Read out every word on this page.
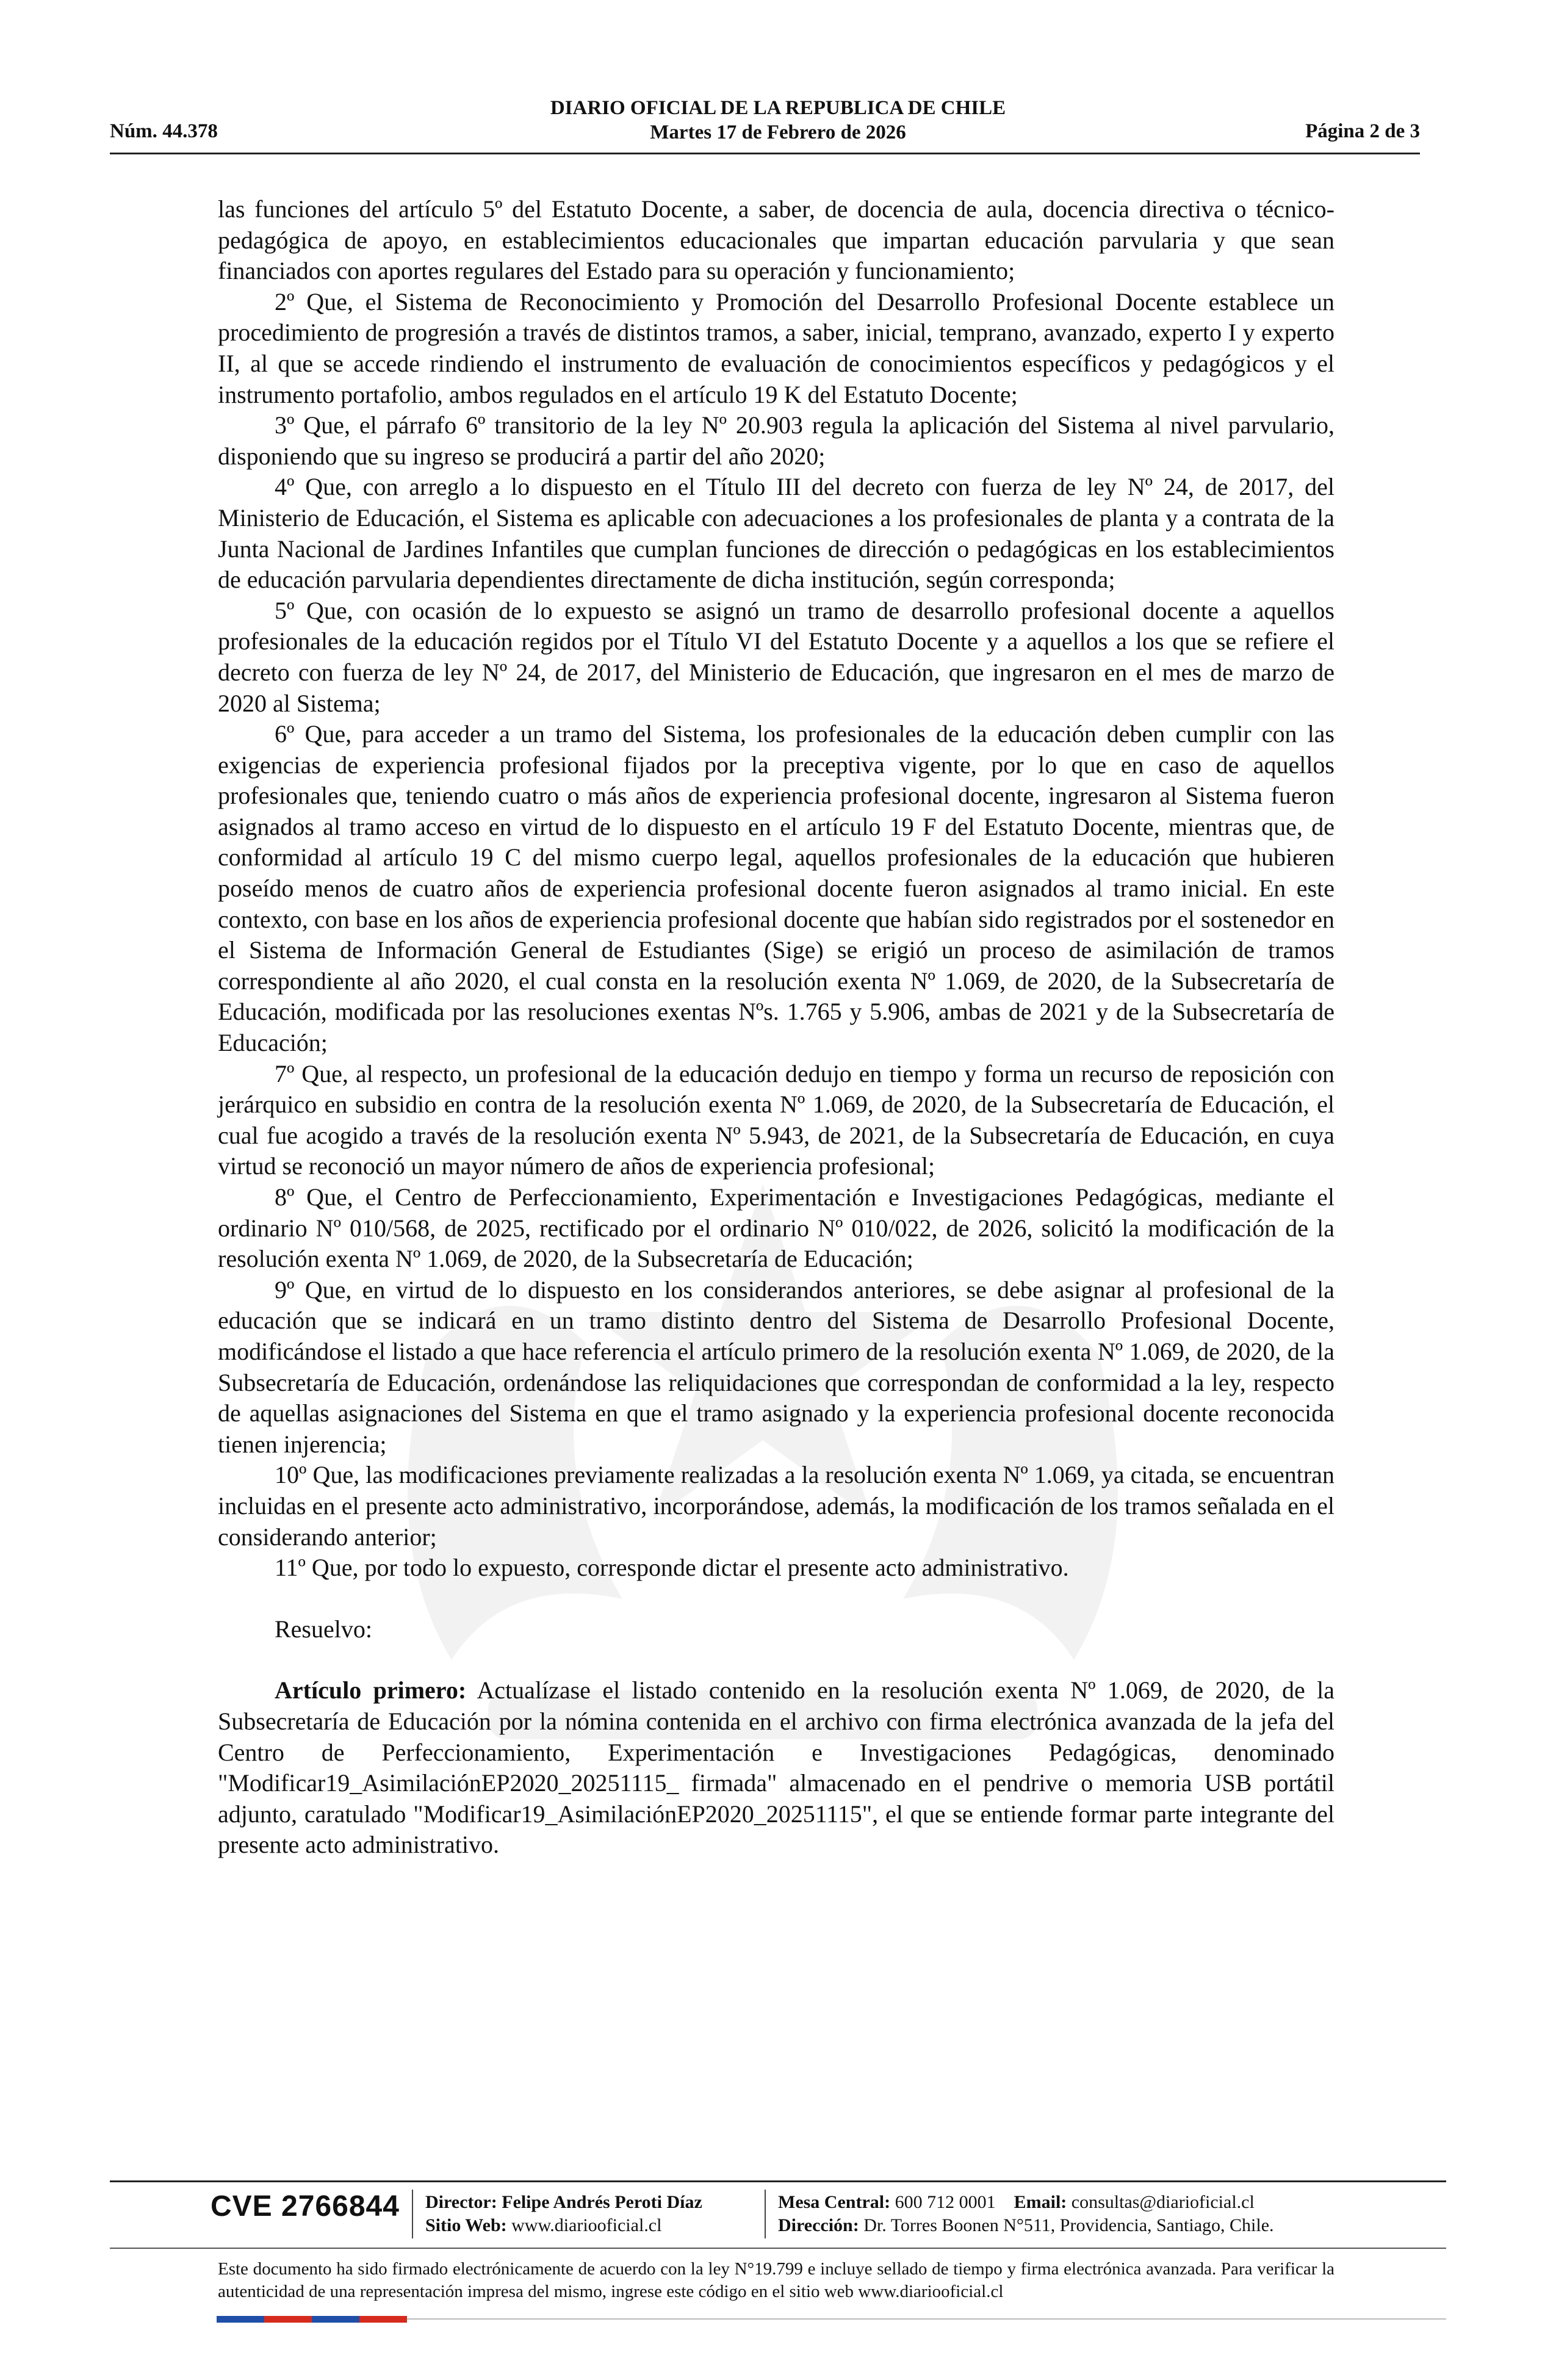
Núm. 44.378
DIARIO OFICIAL DE LA REPUBLICA DE CHILE
Martes 17 de Febrero de 2026	Página 2 de 3

las funciones del artículo 5º del Estatuto Docente, a saber, de docencia de aula, docencia directiva o técnico-pedagógica de apoyo, en establecimientos educacionales que impartan educación parvularia y que sean financiados con aportes regulares del Estado para su operación y funcionamiento;

2º Que, el Sistema de Reconocimiento y Promoción del Desarrollo Profesional Docente establece un procedimiento de progresión a través de distintos tramos, a saber, inicial, temprano, avanzado, experto I y experto II, al que se accede rindiendo el instrumento de evaluación de conocimientos específicos y pedagógicos y el instrumento portafolio, ambos regulados en el artículo 19 K del Estatuto Docente;

3º Que, el párrafo 6º transitorio de la ley Nº 20.903 regula la aplicación del Sistema al nivel parvulario, disponiendo que su ingreso se producirá a partir del año 2020;

4º Que, con arreglo a lo dispuesto en el Título III del decreto con fuerza de ley Nº 24, de 2017, del Ministerio de Educación, el Sistema es aplicable con adecuaciones a los profesionales de planta y a contrata de la Junta Nacional de Jardines Infantiles que cumplan funciones de dirección o pedagógicas en los establecimientos de educación parvularia dependientes directamente de dicha institución, según corresponda;

5º Que, con ocasión de lo expuesto se asignó un tramo de desarrollo profesional docente a aquellos profesionales de la educación regidos por el Título VI del Estatuto Docente y a aquellos a los que se refiere el decreto con fuerza de ley Nº 24, de 2017, del Ministerio de Educación, que ingresaron en el mes de marzo de 2020 al Sistema;

6º Que, para acceder a un tramo del Sistema, los profesionales de la educación deben cumplir con las exigencias de experiencia profesional fijados por la preceptiva vigente, por lo que en caso de aquellos profesionales que, teniendo cuatro o más años de experiencia profesional docente, ingresaron al Sistema fueron asignados al tramo acceso en virtud de lo dispuesto en el artículo 19 F del Estatuto Docente, mientras que, de conformidad al artículo 19 C del mismo cuerpo legal, aquellos profesionales de la educación que hubieren poseído menos de cuatro años de experiencia profesional docente fueron asignados al tramo inicial. En este contexto, con base en los años de experiencia profesional docente que habían sido registrados por el sostenedor en el Sistema de Información General de Estudiantes (Sige) se erigió un proceso de asimilación de tramos correspondiente al año 2020, el cual consta en la resolución exenta Nº 1.069, de 2020, de la Subsecretaría de Educación, modificada por las resoluciones exentas Nºs. 1.765 y 5.906, ambas de 2021 y de la Subsecretaría de Educación;

7º Que, al respecto, un profesional de la educación dedujo en tiempo y forma un recurso de reposición con jerárquico en subsidio en contra de la resolución exenta Nº 1.069, de 2020, de la Subsecretaría de Educación, el cual fue acogido a través de la resolución exenta Nº 5.943, de 2021, de la Subsecretaría de Educación, en cuya virtud se reconoció un mayor número de años de experiencia profesional;

8º Que, el Centro de Perfeccionamiento, Experimentación e Investigaciones Pedagógicas, mediante el ordinario Nº 010/568, de 2025, rectificado por el ordinario Nº 010/022, de 2026, solicitó la modificación de la resolución exenta Nº 1.069, de 2020, de la Subsecretaría de Educación;

9º Que, en virtud de lo dispuesto en los considerandos anteriores, se debe asignar al profesional de la educación que se indicará en un tramo distinto dentro del Sistema de Desarrollo Profesional Docente, modificándose el listado a que hace referencia el artículo primero de la resolución exenta Nº 1.069, de 2020, de la Subsecretaría de Educación, ordenándose las reliquidaciones que correspondan de conformidad a la ley, respecto de aquellas asignaciones del Sistema en que el tramo asignado y la experiencia profesional docente reconocida tienen injerencia;

10º Que, las modificaciones previamente realizadas a la resolución exenta Nº 1.069, ya citada, se encuentran incluidas en el presente acto administrativo, incorporándose, además, la modificación de los tramos señalada en el considerando anterior;

11º Que, por todo lo expuesto, corresponde dictar el presente acto administrativo.

Resuelvo:

Artículo primero: Actualízase el listado contenido en la resolución exenta Nº 1.069, de 2020, de la Subsecretaría de Educación por la nómina contenida en el archivo con firma electrónica avanzada de la jefa del Centro de Perfeccionamiento, Experimentación e Investigaciones Pedagógicas, denominado "Modificar19_AsimilaciónEP2020_20251115_ firmada" almacenado en el pendrive o memoria USB portátil adjunto, caratulado "Modificar19_AsimilaciónEP2020_20251115", el que se entiende formar parte integrante del presente acto administrativo.

CVE 2766844 Director: Felipe Andrés Peroti Díaz
Sitio Web: www.diariooficial.cl
Mesa Central: 600 712 0001 Email: consultas@diarioficial.cl
Dirección: Dr. Torres Boonen N°511, Providencia, Santiago, Chile.
Este documento ha sido firmado electrónicamente de acuerdo con la ley N°19.799 e incluye sellado de tiempo y firma electrónica avanzada. Para verificar la autenticidad de una representación impresa del mismo, ingrese este código en el sitio web www.diariooficial.cl
